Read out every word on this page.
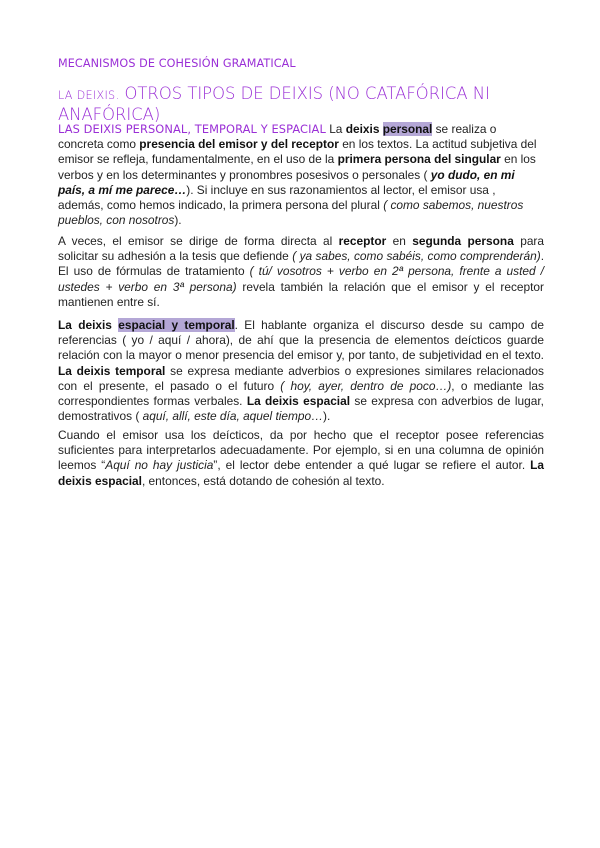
MECANISMOS DE COHESIÓN GRAMATICAL
LA DEIXIS. OTROS TIPOS DE DEIXIS (NO CATAFÓRICA NI ANAFÓRICA)
LAS DEIXIS PERSONAL, TEMPORAL Y ESPACIAL La deixis personal se realiza o concreta como presencia del emisor y del receptor en los textos. La actitud subjetiva del emisor se refleja, fundamentalmente, en el uso de la primera persona del singular en los verbos y en los determinantes y pronombres posesivos o personales ( yo dudo, en mi país, a mí me parece…). Si incluye en sus razonamientos al lector, el emisor usa , además, como hemos indicado, la primera persona del plural ( como sabemos, nuestros pueblos, con nosotros).
A veces, el emisor se dirige de forma directa al receptor en segunda persona para solicitar su adhesión a la tesis que defiende ( ya sabes, como sabéis, como comprenderán). El uso de fórmulas de tratamiento ( tú/ vosotros + verbo en 2ª persona, frente a usted / ustedes + verbo en 3ª persona) revela también la relación que el emisor y el receptor mantienen entre sí.
La deixis espacial y temporal. El hablante organiza el discurso desde su campo de referencias ( yo / aquí / ahora), de ahí que la presencia de elementos deícticos guarde relación con la mayor o menor presencia del emisor y, por tanto, de subjetividad en el texto. La deixis temporal se expresa mediante adverbios o expresiones similares relacionados con el presente, el pasado o el futuro ( hoy, ayer, dentro de poco…), o mediante las correspondientes formas verbales. La deixis espacial se expresa con adverbios de lugar, demostrativos ( aquí, allí, este día, aquel tiempo…).
Cuando el emisor usa los deícticos, da por hecho que el receptor posee referencias suficientes para interpretarlos adecuadamente. Por ejemplo, si en una columna de opinión leemos “Aquí no hay justicia”, el lector debe entender a qué lugar se refiere el autor. La deixis espacial, entonces, está dotando de cohesión al texto.
